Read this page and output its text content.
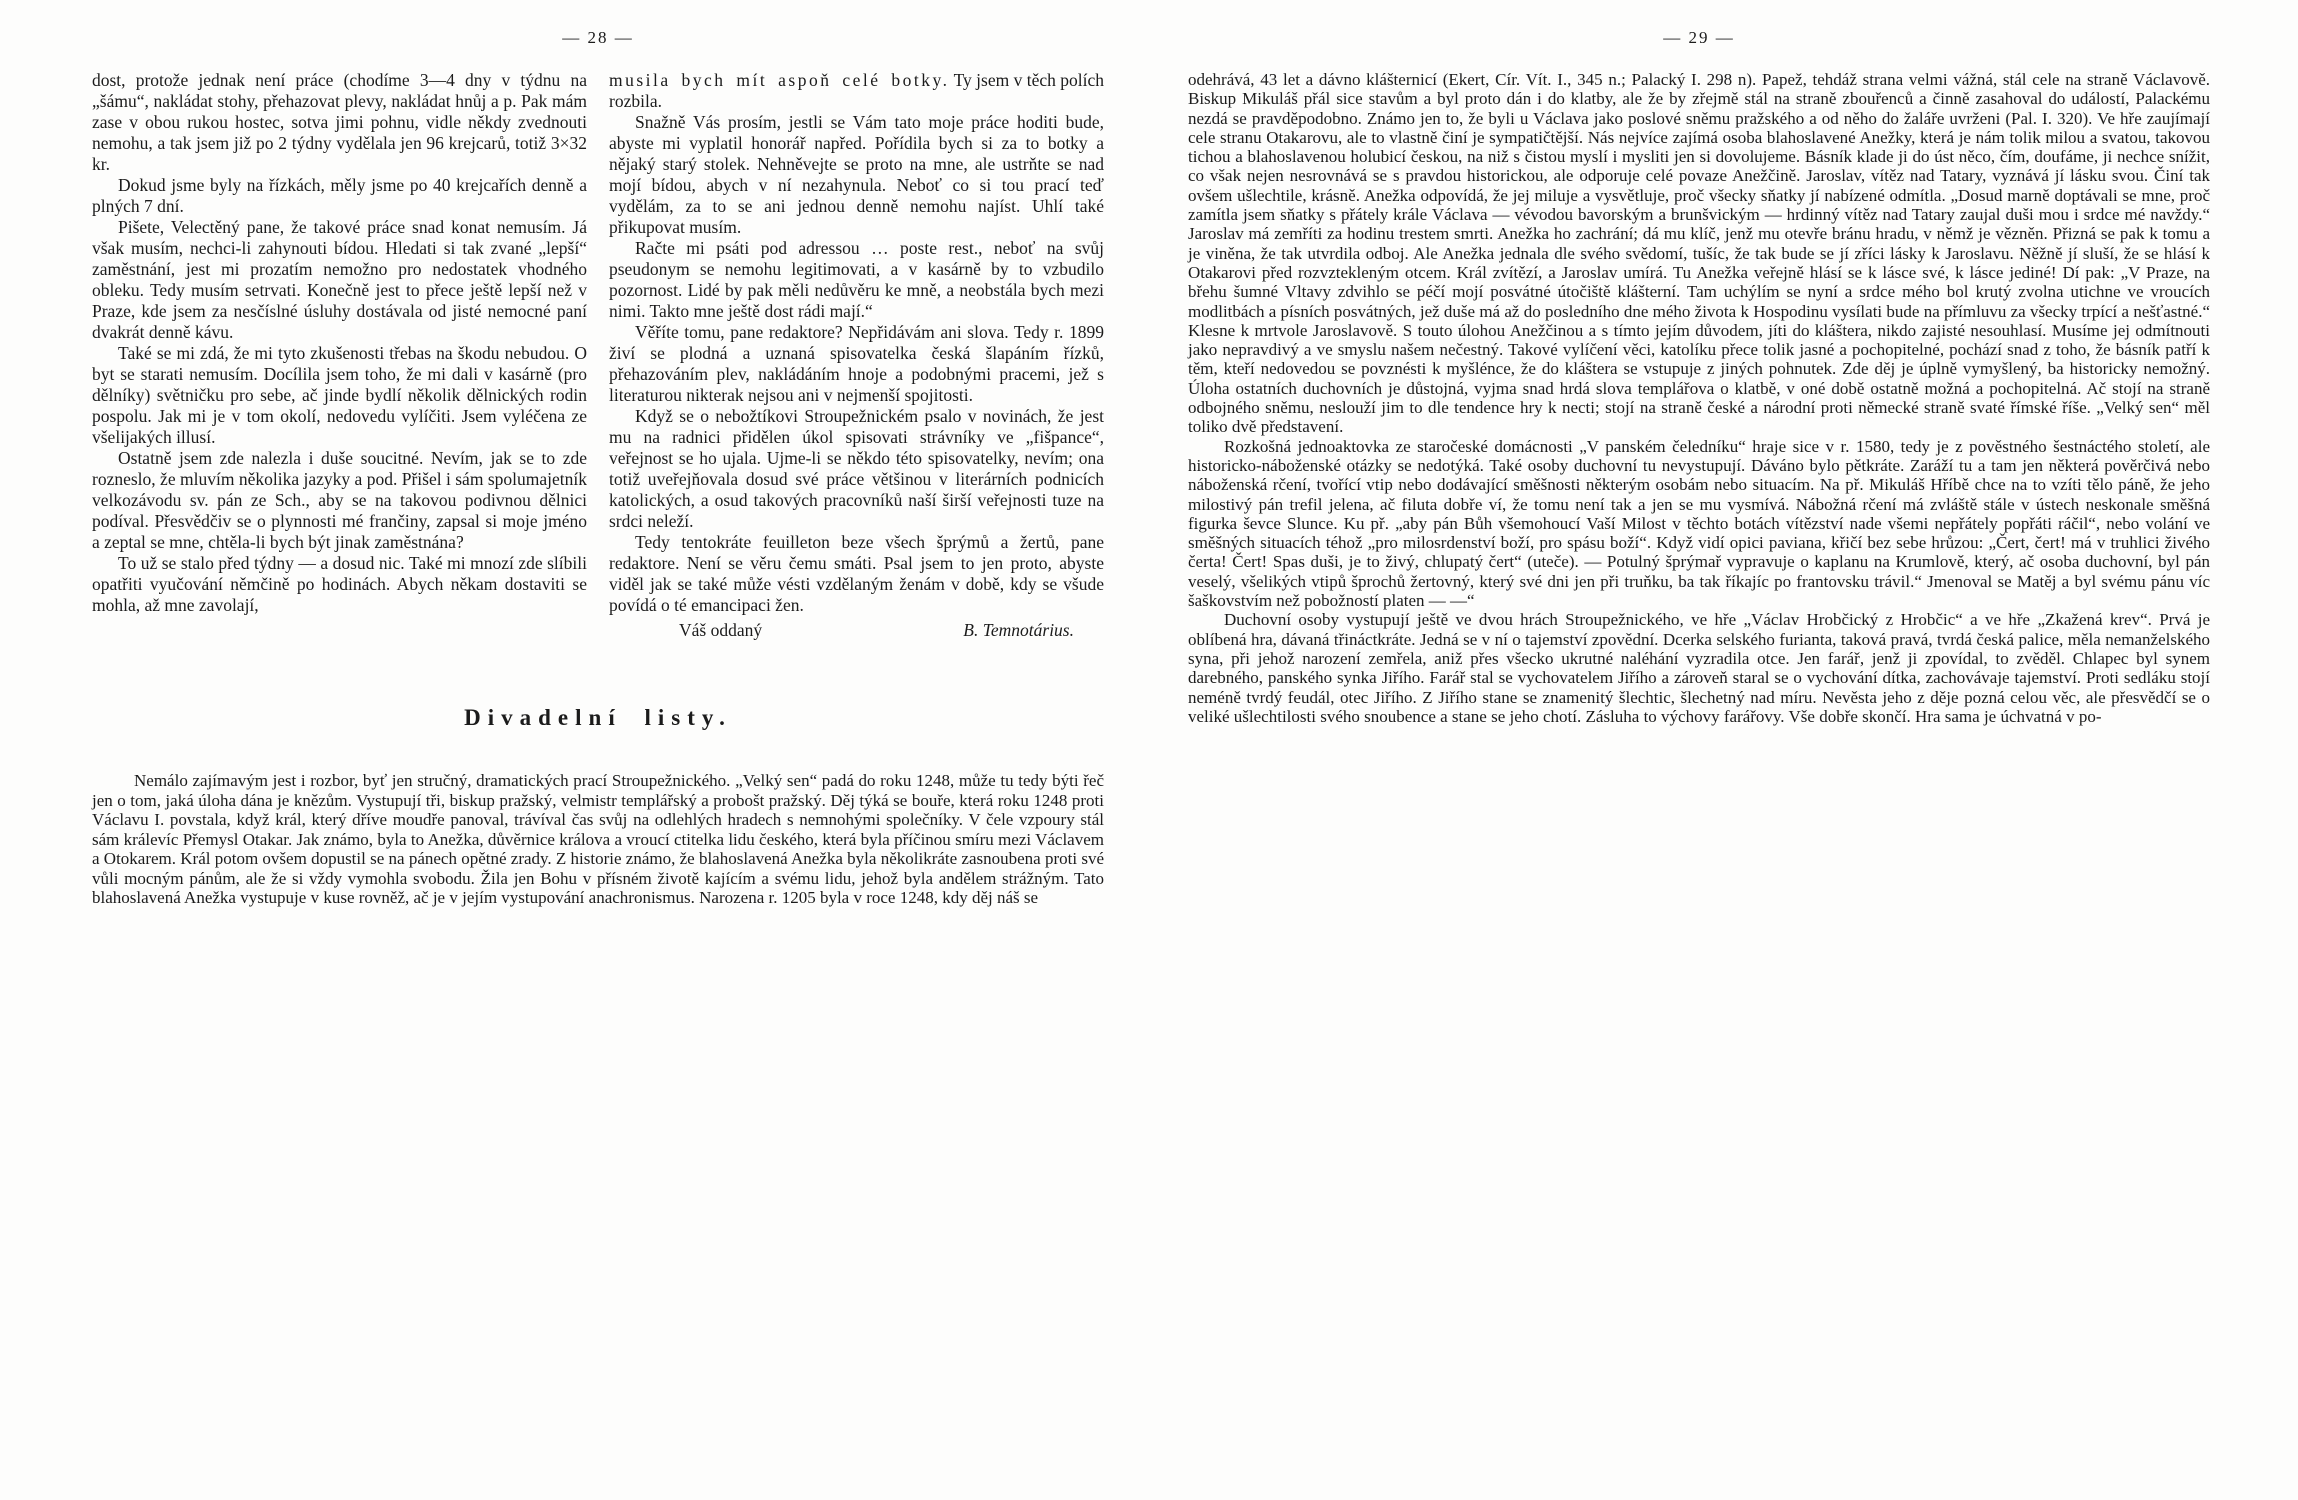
— 28 —

dost, protože jednak není práce (chodíme 3—4 dny v týdnu na „šámu“, nakládat stohy, přehazovat plevy, nakládat hnůj a p. Pak mám zase v obou rukou hostec, sotva jimi pohnu, vidle někdy zvednouti nemohu, a tak jsem již po 2 týdny vydělala jen 96 krejcarů, totiž 3×32 kr.

Dokud jsme byly na řízkách, měly jsme po 40 krejcařích denně a plných 7 dní.

Pišete, Velectěný pane, že takové práce snad konat nemusím. Já však musím, nechci-li zahynouti bídou. Hledati si tak zvané „lepší“ zaměstnání, jest mi prozatím nemožno pro nedostatek vhodného obleku. Tedy musím setrvati. Konečně jest to přece ještě lepší než v Praze, kde jsem za nesčíslné úsluhy dostávala od jisté nemocné paní dvakrát denně kávu.

Také se mi zdá, že mi tyto zkušenosti třebas na škodu nebudou. O byt se starati nemusím. Docílila jsem toho, že mi dali v kasárně (pro dělníky) světničku pro sebe, ač jinde bydlí několik dělnických rodin pospolu. Jak mi je v tom okolí, nedovedu vylíčiti. Jsem vyléčena ze všelijakých illusí.

Ostatně jsem zde nalezla i duše soucitné. Nevím, jak se to zde rozneslo, že mluvím několika jazyky a pod. Přišel i sám spolumajetník velkozávodu sv. pán ze Sch., aby se na takovou podivnou dělnici podíval. Přesvědčiv se o plynnosti mé frančiny, zapsal si moje jméno a zeptal se mne, chtěla-li bych být jinak zaměstnána?

To už se stalo před týdny — a dosud nic. Také mi mnozí zde slíbili opatřiti vyučování němčině po hodinách. Abych někam dostaviti se mohla, až mne zavolají,

musila bych mít aspoň celé botky. Ty jsem v těch polích rozbila.

Snažně Vás prosím, jestli se Vám tato moje práce hoditi bude, abyste mi vyplatil honorář napřed. Pořídila bych si za to botky a nějaký starý stolek. Nehněvejte se proto na mne, ale ustrňte se nad mojí bídou, abych v ní nezahynula. Neboť co si tou prací teď vydělám, za to se ani jednou denně nemohu najíst. Uhlí také přikupovat musím.

Račte mi psáti pod adressou … poste rest., neboť na svůj pseudonym se nemohu legitimovati, a v kasárně by to vzbudilo pozornost. Lidé by pak měli nedůvěru ke mně, a neobstála bych mezi nimi. Takto mne ještě dost rádi mají.“

Věříte tomu, pane redaktore? Nepřidávám ani slova. Tedy r. 1899 živí se plodná a uznaná spisovatelka česká šlapáním řízků, přehazováním plev, nakládáním hnoje a podobnými pracemi, jež s literaturou nikterak nejsou ani v nejmenší spojitosti.

Když se o nebožtíkovi Stroupežnickém psalo v novinách, že jest mu na radnici přidělen úkol spisovati strávníky ve „fišpance“, veřejnost se ho ujala. Ujme-li se někdo této spisovatelky, nevím; ona totiž uveřejňovala dosud své práce většinou v literárních podnicích katolických, a osud takových pracovníků naší širší veřejnosti tuze na srdci neleží.

Tedy tentokráte feuilleton beze všech šprýmů a žertů, pane redaktore. Není se věru čemu smáti. Psal jsem to jen proto, abyste viděl jak se také může vésti vzdělaným ženám v době, kdy se všude povídá o té emancipaci žen.

Váš oddaný	B. Temnotárius.
Divadelní listy.

Nemálo zajímavým jest i rozbor, byť jen stručný, dramatických prací Stroupežnického. „Velký sen“ padá do roku 1248, může tu tedy býti řeč jen o tom, jaká úloha dána je knězům. Vystupují tři, biskup pražský, velmistr templářský a probošt pražský. Děj týká se bouře, která roku 1248 proti Václavu I. povstala, když král, který dříve moudře panoval, trávíval čas svůj na odlehlých hradech s nemnohými společníky. V čele vzpoury stál sám králevíc Přemysl Otakar. Jak známo, byla to Anežka, důvěrnice králova a vroucí ctitelka lidu českého, která byla příčinou smíru mezi Václavem a Otokarem. Král potom ovšem dopustil se na pánech opětné zrady. Z historie známo, že blahoslavená Anežka byla několikráte zasnoubena proti své vůli mocným pánům, ale že si vždy vymohla svobodu. Žila jen Bohu v přísném životě kajícím a svému lidu, jehož byla andělem strážným. Tato blahoslavená Anežka vystupuje v kuse rovněž, ač je v jejím vystupování anachronismus. Narozena r. 1205 byla v roce 1248, kdy děj náš se

— 29 —

odehrává, 43 let a dávno klášternicí (Ekert, Cír. Vít. I., 345 n.; Palacký I. 298 n). Papež, tehdáž strana velmi vážná, stál cele na straně Václavově. Biskup Mikuláš přál sice stavům a byl proto dán i do klatby, ale že by zřejmě stál na straně zbouřenců a činně zasahoval do událostí, Palackému nezdá se pravděpodobno. Známo jen to, že byli u Václava jako poslové sněmu pražského a od něho do žaláře uvrženi (Pal. I. 320). Ve hře zaujímají cele stranu Otakarovu, ale to vlastně činí je sympatičtější. Nás nejvíce zajímá osoba blahoslavené Anežky, která je nám tolik milou a svatou, takovou tichou a blahoslavenou holubicí českou, na niž s čistou myslí i mysliti jen si dovolujeme. Básník klade ji do úst něco, čím, doufáme, ji nechce snížit, co však nejen nesrovnává se s pravdou historickou, ale odporuje celé povaze Anežčině. Jaroslav, vítěz nad Tatary, vyznává jí lásku svou. Činí tak ovšem ušlechtile, krásně. Anežka odpovídá, že jej miluje a vysvětluje, proč všecky sňatky jí nabízené odmítla. „Dosud marně doptávali se mne, proč zamítla jsem sňatky s přátely krále Václava — vévodou bavorským a brunšvickým — hrdinný vítěz nad Tatary zaujal duši mou i srdce mé navždy.“ Jaroslav má zemříti za hodinu trestem smrti. Anežka ho zachrání; dá mu klíč, jenž mu otevře bránu hradu, v němž je vězněn. Přizná se pak k tomu a je viněna, že tak utvrdila odboj. Ale Anežka jednala dle svého svědomí, tušíc, že tak bude se jí zříci lásky k Jaroslavu. Něžně jí sluší, že se hlásí k Otakarovi před rozvztekleným otcem. Král zvítězí, a Jaroslav umírá. Tu Anežka veřejně hlásí se k lásce své, k lásce jediné! Dí pak: „V Praze, na břehu šumné Vltavy zdvihlo se péčí mojí posvátné útočiště klášterní. Tam uchýlím se nyní a srdce mého bol krutý zvolna utichne ve vroucích modlitbách a písních posvátných, jež duše má až do posledního dne mého života k Hospodinu vysílati bude na přímluvu za všecky trpící a nešťastné.“ Klesne k mrtvole Jaroslavově. S touto úlohou Anežčinou a s tímto jejím důvodem, jíti do kláštera, nikdo zajisté nesouhlasí. Musíme jej odmítnouti jako nepravdivý a ve smyslu našem nečestný. Takové vylíčení věci, katolíku přece tolik jasné a pochopitelné, pochází snad z toho, že básník patří k těm, kteří nedovedou se povznésti k myšlénce, že do kláštera se vstupuje z jiných pohnutek. Zde děj je úplně vymyšlený, ba historicky nemožný. Úloha ostatních duchovních je důstojná, vyjma snad hrdá slova templářova o klatbě, v oné době ostatně možná a pochopitelná. Ač stojí na straně odbojného sněmu, neslouží jim to dle tendence hry k necti; stojí na straně české a národní proti německé straně svaté římské říše. „Velký sen“ měl toliko dvě představení.

Rozkošná jednoaktovka ze staročeské domácnosti „V panském čeledníku“ hraje sice v r. 1580, tedy je z pověstného šestnáctého století, ale historicko-náboženské otázky se nedotýká. Také osoby duchovní tu nevystupují. Dáváno bylo pětkráte. Zaráží tu a tam jen některá pověrčivá nebo náboženská rčení, tvořící vtip nebo dodávající směšnosti některým osobám nebo situacím. Na př. Mikuláš Hříbě chce na to vzíti tělo páně, že jeho milostivý pán trefil jelena, ač filuta dobře ví, že tomu není tak a jen se mu vysmívá. Nábožná rčení má zvláště stále v ústech neskonale směšná figurka ševce Slunce. Ku př. „aby pán Bůh všemohoucí Vaší Milost v těchto botách vítězství nade všemi nepřátely popřáti ráčil“, nebo volání ve směšných situacích téhož „pro milosrdenství boží, pro spásu boží“. Když vidí opici paviana, křičí bez sebe hrůzou: „Čert, čert! má v truhlici živého čerta! Čert! Spas duši, je to živý, chlupatý čert“ (uteče). — Potulný šprýmař vypravuje o kaplanu na Krumlově, který, ač osoba duchovní, byl pán veselý, všelikých vtipů šprochů žertovný, který své dni jen při truňku, ba tak říkajíc po frantovsku trávil.“ Jmenoval se Matěj a byl svému pánu víc šaškovstvím než pobožností platen — —“

Duchovní osoby vystupují ještě ve dvou hrách Stroupežnického, ve hře „Václav Hrobčický z Hrobčic“ a ve hře „Zkažená krev“. Prvá je oblíbená hra, dávaná třináctkráte. Jedná se v ní o tajemství zpovědní. Dcerka selského furianta, taková pravá, tvrdá česká palice, měla nemanželského syna, při jehož narození zemřela, aniž přes všecko ukrutné naléhání vyzradila otce. Jen farář, jenž ji zpovídal, to zvěděl. Chlapec byl synem darebného, panského synka Jiřího. Farář stal se vychovatelem Jiřího a zároveň staral se o vychování dítka, zachovávaje tajemství. Proti sedláku stojí neméně tvrdý feudál, otec Jiřího. Z Jiřího stane se znamenitý šlechtic, šlechetný nad míru. Nevěsta jeho z děje pozná celou věc, ale přesvědčí se o veliké ušlechtilosti svého snoubence a stane se jeho chotí. Zásluha to výchovy farářovy. Vše dobře skončí. Hra sama je úchvatná v po-
